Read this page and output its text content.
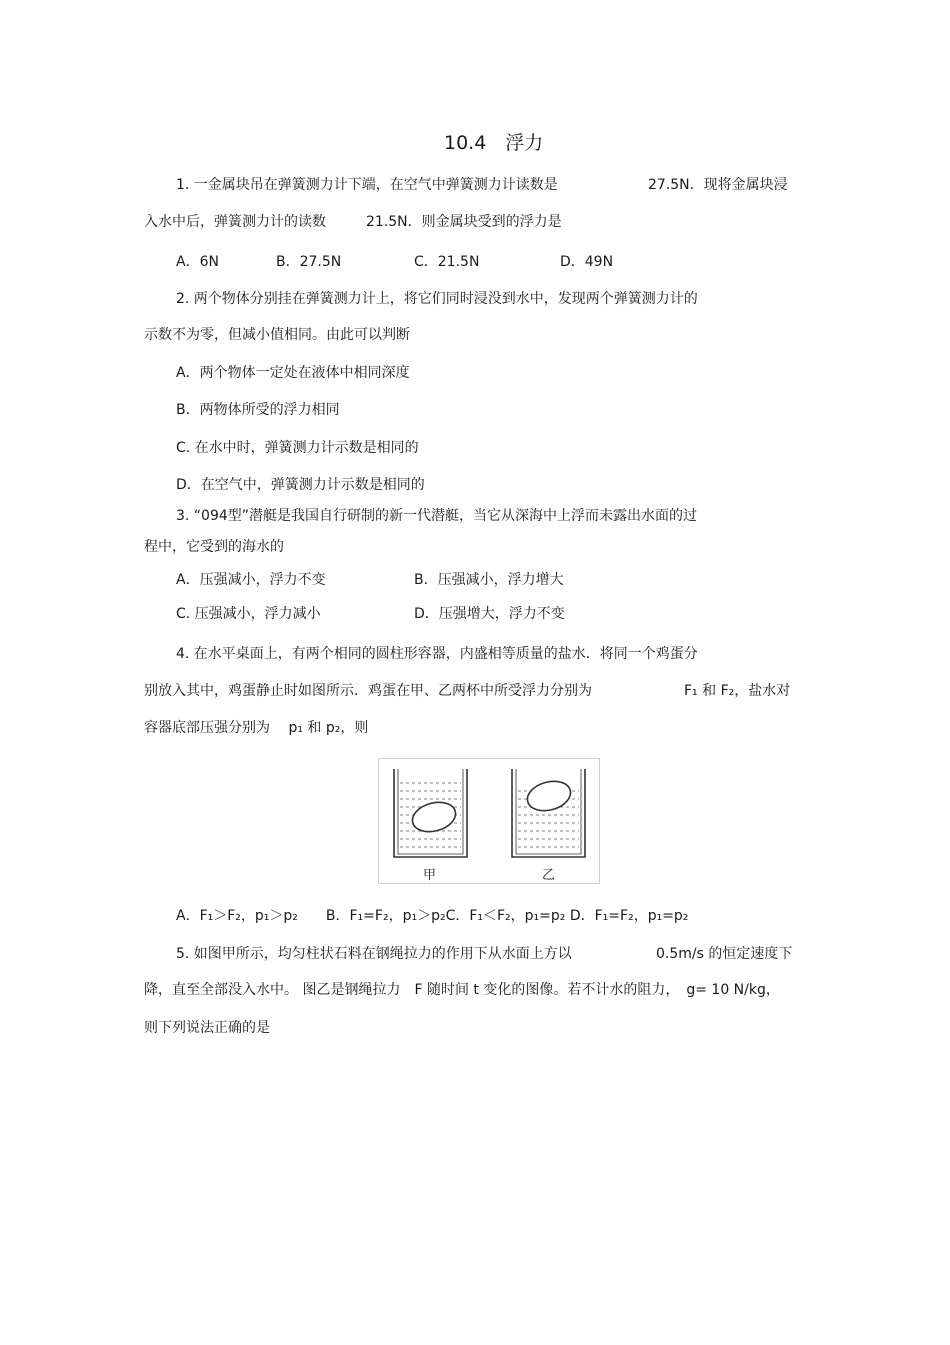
10.4　浮力
1. 一金属块吊在弹簧测力计下端，在空气中弹簧测力计读数是	27.5N．现将金属块浸
入水中后，弹簧测力计的读数	21.5N．则金属块受到的浮力是
A．6N	B．27.5N	C．21.5N	D．49N
2. 两个物体分别挂在弹簧测力计上，将它们同时浸没到水中，发现两个弹簧测力计的
示数不为零，但减小值相同。由此可以判断
A．两个物体一定处在液体中相同深度
B．两物体所受的浮力相同
C. 在水中时，弹簧测力计示数是相同的
D．在空气中，弹簧测力计示数是相同的
3. “094型”潜艇是我国自行研制的新一代潜艇，当它从深海中上浮而未露出水面的过
程中，它受到的海水的
A．压强减小，浮力不变	B．压强减小，浮力增大
C. 压强减小，浮力减小	D．压强增大，浮力不变
4. 在水平桌面上，有两个相同的圆柱形容器，内盛相等质量的盐水．将同一个鸡蛋分
别放入其中，鸡蛋静止时如图所示．鸡蛋在甲、乙两杯中所受浮力分别为	F₁ 和 F₂，盐水对
容器底部压强分别为　 p₁ 和 p₂，则
甲	乙
A．F₁＞F₂，p₁＞p₂　　B．F₁=F₂，p₁＞p₂C．F₁＜F₂，p₁=p₂ D．F₁=F₂，p₁=p₂
5. 如图甲所示，均匀柱状石料在钢绳拉力的作用下从水面上方以	0.5m/s 的恒定速度下
降，直至全部没入水中。 图乙是钢绳拉力　F 随时间 t 变化的图像。若不计水的阻力，　g= 10 N/kg，
则下列说法正确的是
